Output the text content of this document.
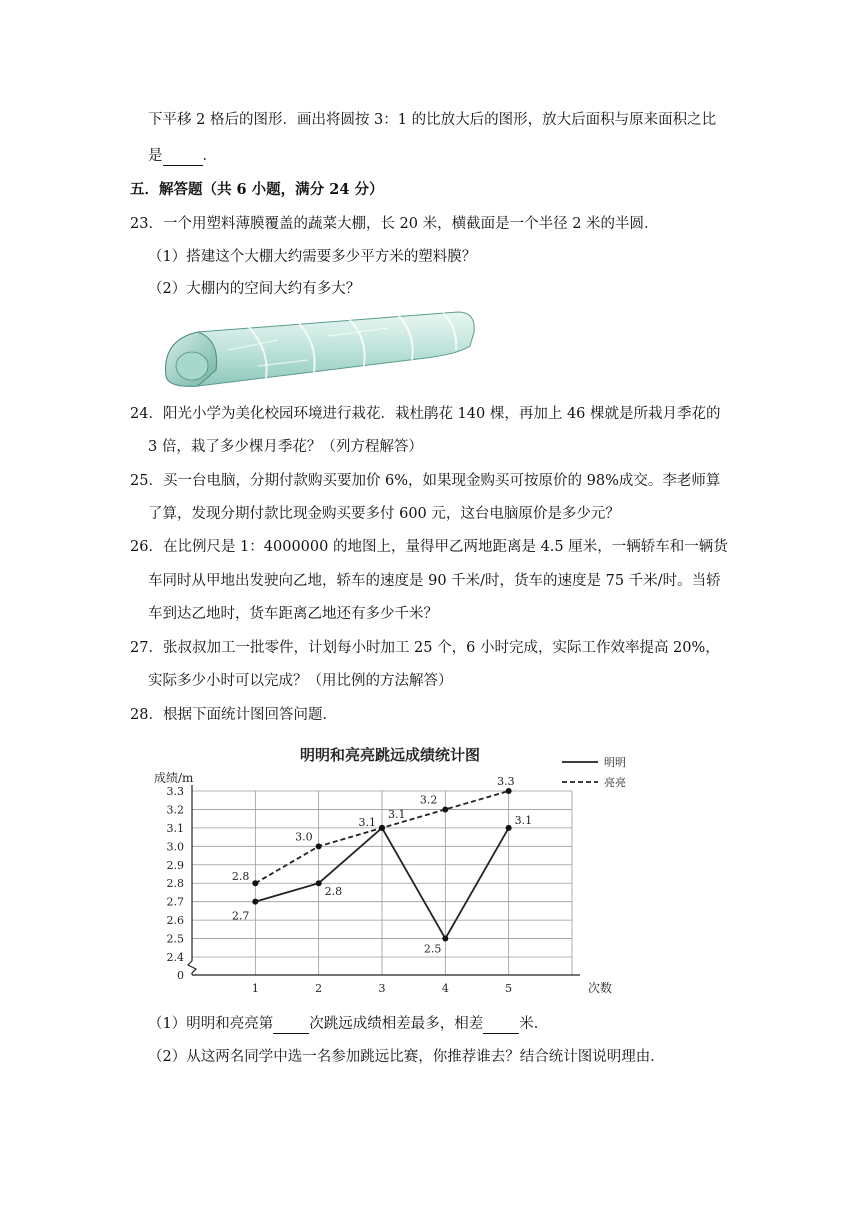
下平移 2 格后的图形．画出将圆按 3：1 的比放大后的图形，放大后面积与原来面积之比
是	．
五．解答题（共 6 小题，满分 24 分）
23．一个用塑料薄膜覆盖的蔬菜大棚，长 20 米，横截面是一个半径 2 米的半圆．
（1）搭建这个大棚大约需要多少平方米的塑料膜？
（2）大棚内的空间大约有多大？
24．阳光小学为美化校园环境进行栽花．栽杜鹃花 140 棵，再加上 46 棵就是所栽月季花的
3 倍，栽了多少棵月季花？（列方程解答）
25．买一台电脑，分期付款购买要加价 6%，如果现金购买可按原价的 98%成交。李老师算
了算，发现分期付款比现金购买要多付 600 元，这台电脑原价是多少元？
26．在比例尺是 1：4000000 的地图上，量得甲乙两地距离是 4.5 厘米，一辆轿车和一辆货
车同时从甲地出发驶向乙地，轿车的速度是 90 千米/时，货车的速度是 75 千米/时。当轿
车到达乙地时，货车距离乙地还有多少千米？
27．张叔叔加工一批零件，计划每小时加工 25 个，6 小时完成，实际工作效率提高 20%，
实际多少小时可以完成？（用比例的方法解答）
28．根据下面统计图回答问题．
0
2.4
2.5
2.6
2.7
2.8
2.9
3.0
3.1
3.2
3.3
1	2	3	4	5
2.7
2.8
3.1
2.5
3.1
2.8
3.0
3.1
3.2
3.3
明明和亮亮跳远成绩统计图
成绩/m
次数
明明
亮亮
（1）明明和亮亮第 次跳远成绩相差最多，相差 米．
（2）从这两名同学中选一名参加跳远比赛，你推荐谁去？结合统计图说明理由．
